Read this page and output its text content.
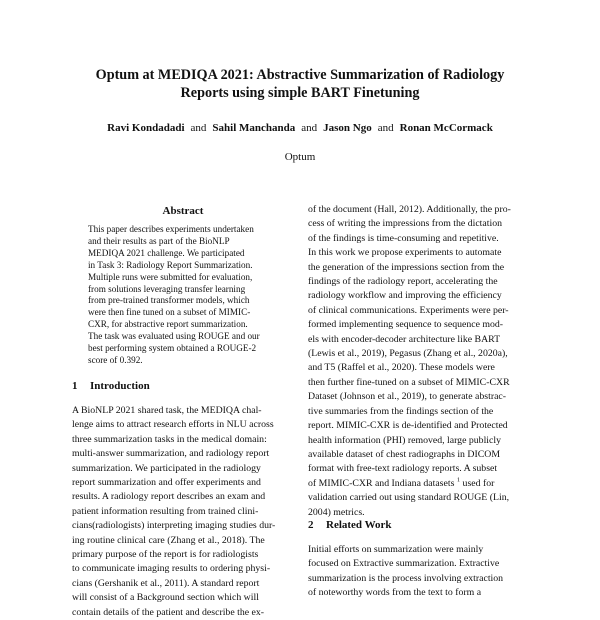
Optum at MEDIQA 2021: Abstractive Summarization of Radiology
Reports using simple BART Finetuning
Ravi Kondadadi and Sahil Manchanda and Jason Ngo and Ronan McCormack
Optum
Abstract
This paper describes experiments undertaken
and their results as part of the BioNLP
MEDIQA 2021 challenge. We participated
in Task 3: Radiology Report Summarization.
Multiple runs were submitted for evaluation,
from solutions leveraging transfer learning
from pre-trained transformer models, which
were then fine tuned on a subset of MIMIC-
CXR, for abstractive report summarization.
The task was evaluated using ROUGE and our
best performing system obtained a ROUGE-2
score of 0.392.
1 Introduction
A BioNLP 2021 shared task, the MEDIQA chal-
lenge aims to attract research efforts in NLU across
three summarization tasks in the medical domain:
multi-answer summarization, and radiology report
summarization. We participated in the radiology
report summarization and offer experiments and
results. A radiology report describes an exam and
patient information resulting from trained clini-
cians(radiologists) interpreting imaging studies dur-
ing routine clinical care (Zhang et al., 2018). The
primary purpose of the report is for radiologists
to communicate imaging results to ordering physi-
cians (Gershanik et al., 2011). A standard report
will consist of a Background section which will
contain details of the patient and describe the ex-
of the document (Hall, 2012). Additionally, the pro-
cess of writing the impressions from the dictation
of the findings is time-consuming and repetitive.
In this work we propose experiments to automate
the generation of the impressions section from the
findings of the radiology report, accelerating the
radiology workflow and improving the efficiency
of clinical communications. Experiments were per-
formed implementing sequence to sequence mod-
els with encoder-decoder architecture like BART
(Lewis et al., 2019), Pegasus (Zhang et al., 2020a),
and T5 (Raffel et al., 2020). These models were
then further fine-tuned on a subset of MIMIC-CXR
Dataset (Johnson et al., 2019), to generate abstrac-
tive summaries from the findings section of the
report. MIMIC-CXR is de-identified and Protected
health information (PHI) removed, large publicly
available dataset of chest radiographs in DICOM
format with free-text radiology reports. A subset
of MIMIC-CXR and Indiana datasets $^1$ used for
validation carried out using standard ROUGE (Lin,
2004) metrics.
2 Related Work
Initial efforts on summarization were mainly
focused on Extractive summarization. Extractive
summarization is the process involving extraction
of noteworthy words from the text to form a
